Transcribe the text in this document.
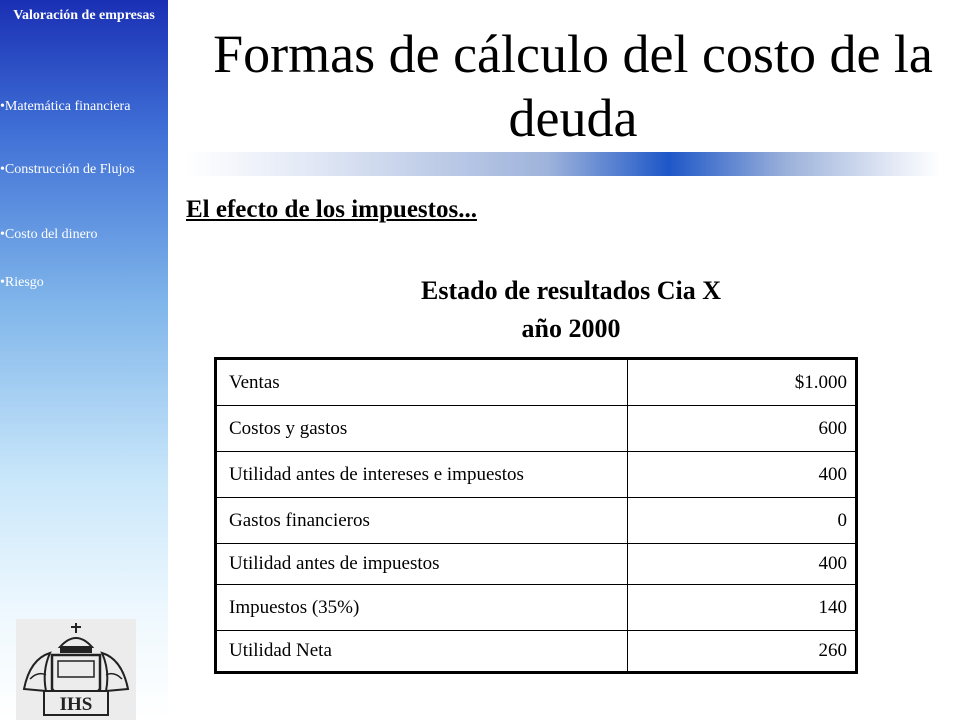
Valoración de empresas
•Matemática financiera
•Construcción de Flujos
•Costo del dinero
•Riesgo
IHS
Formas de cálculo del costo de la deuda
El efecto de los impuestos...
Estado de resultados Cia X
año 2000
Ventas	$1.000
Costos y gastos	600
Utilidad antes de intereses e impuestos	400
Gastos financieros	0
Utilidad antes de impuestos	400
Impuestos (35%)	140
Utilidad Neta	260
